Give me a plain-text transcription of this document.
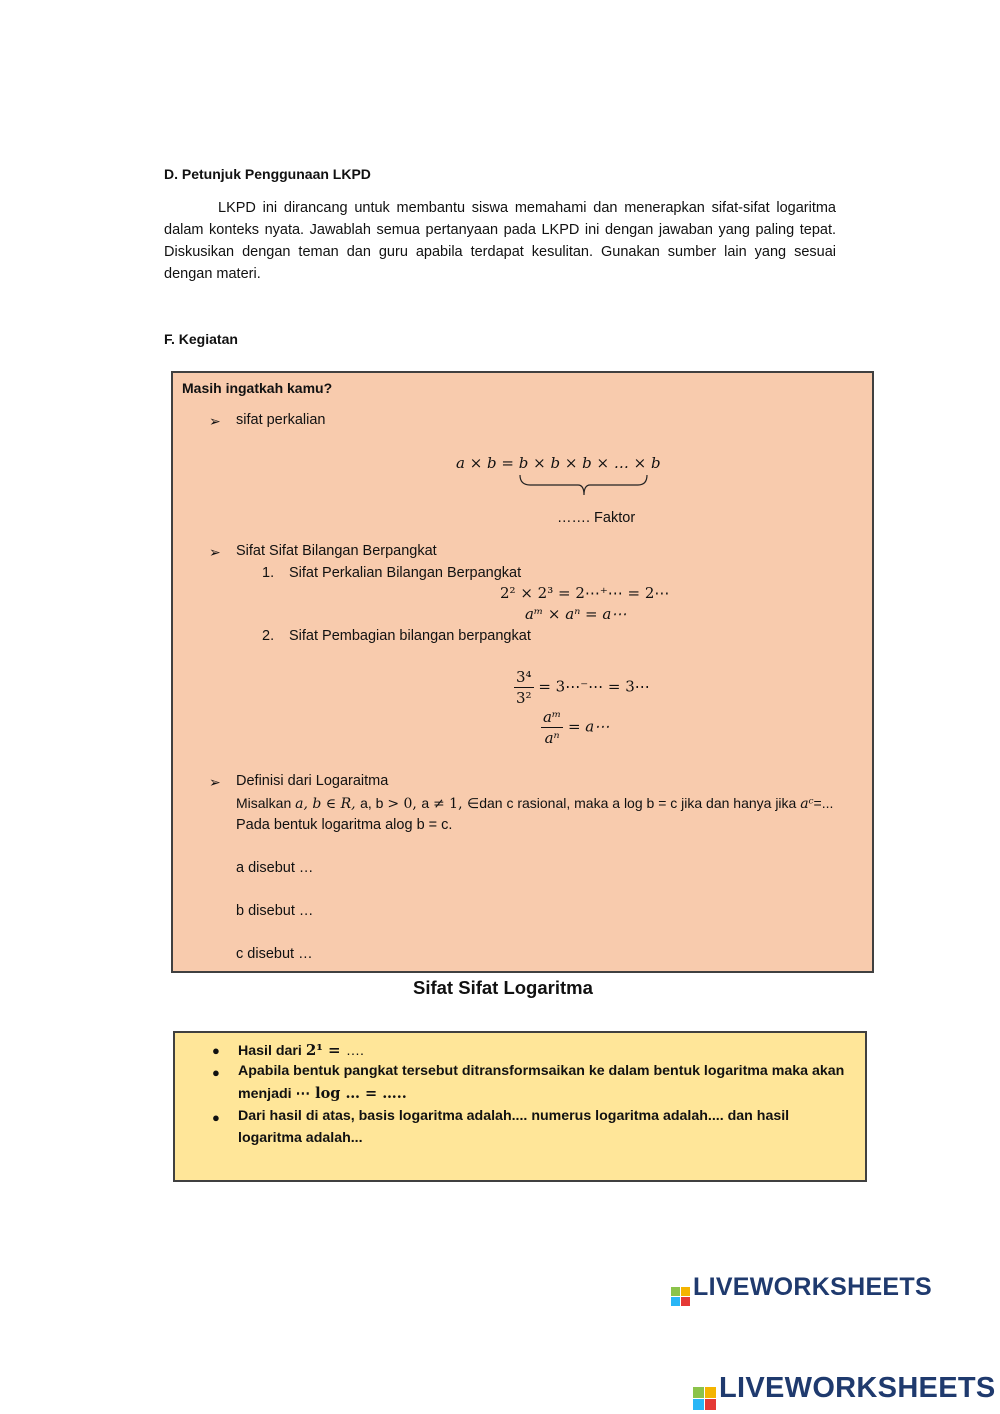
D. Petunjuk Penggunaan LKPD
LKPD ini dirancang untuk membantu siswa memahami dan menerapkan sifat-sifat logaritma dalam konteks nyata. Jawablah semua pertanyaan pada LKPD ini dengan jawaban yang paling tepat. Diskusikan dengan teman dan guru apabila terdapat kesulitan. Gunakan sumber lain yang sesuai dengan materi.
F. Kegiatan
Masih ingatkah kamu?
➢ sifat perkalian
a × b = b × b × b × … × b
……. Faktor
➢ Sifat Sifat Bilangan Berpangkat
1. Sifat Perkalian Bilangan Berpangkat
2² × 2³ = 2⋯⁺⋯ = 2⋯
aᵐ × aⁿ = a⋯
2. Sifat Pembagian bilangan berpangkat
$\frac{\text{3⁴}}{\text{3²}}$ = 3⋯⁻⋯ = 3⋯
$\frac{\text{aᵐ}}{\text{aⁿ}}$ = a⋯
➢ Definisi dari Logaraitma
Misalkan a, b ∈ R, a, b > 0, a ≠ 1, ∈dan c rasional, maka a log b = c jika dan hanya jika aᶜ=...
Pada bentuk logaritma alog b = c.
a disebut …
b disebut …
c disebut …
Sifat Sifat Logaritma
● Hasil dari 2¹ = ….
● Apabila bentuk pangkat tersebut ditransformsaikan ke dalam bentuk logaritma maka akan
menjadi ⋯ log … = …..
● Dari hasil di atas, basis logaritma adalah.... numerus logaritma adalah.... dan hasil
logaritma adalah...
LIVEWORKSHEETS
LIVEWORKSHEETS
